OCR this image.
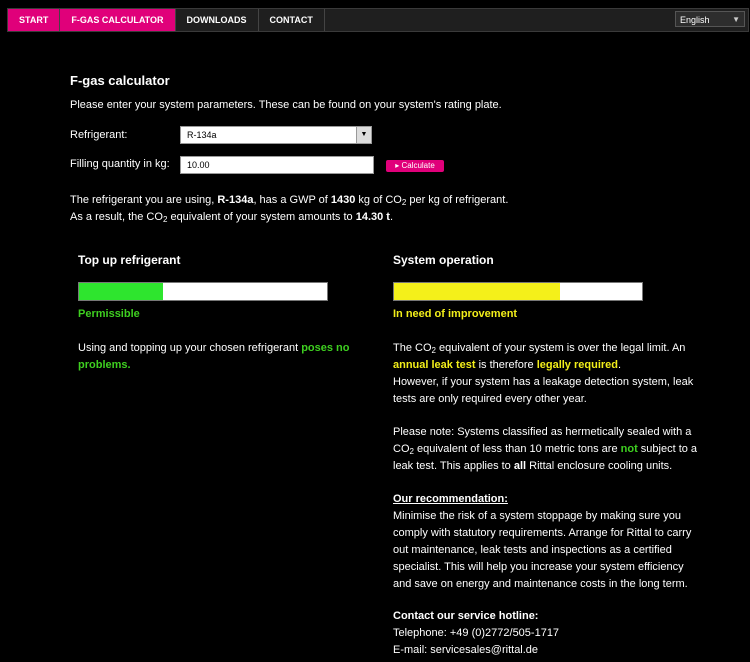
START	F-GAS CALCULATOR	DOWNLOADS	CONTACT	English	▼
F-gas calculator
Please enter your system parameters. These can be found on your system's rating plate.
Refrigerant:	R-134a	▼
Filling quantity in kg:	10.00	▸ Calculate
The refrigerant you are using, R-134a, has a GWP of 1430 kg of $CO_2$ per kg of refrigerant.
As a result, the $CO_2$ equivalent of your system amounts to 14.30 t.
Top up refrigerant
Permissible
Using and topping up your chosen refrigerant poses no
problems.
System operation
In need of improvement
The $CO_2$ equivalent of your system is over the legal limit. An
annual leak test is therefore legally required.
However, if your system has a leakage detection system, leak
tests are only required every other year.
Please note: Systems classified as hermetically sealed with a
$CO_2$ equivalent of less than 10 metric tons are not subject to a
leak test. This applies to all Rittal enclosure cooling units.
Our recommendation:
Minimise the risk of a system stoppage by making sure you
comply with statutory requirements. Arrange for Rittal to carry
out maintenance, leak tests and inspections as a certified
specialist. This will help you increase your system efficiency
and save on energy and maintenance costs in the long term.
Contact our service hotline:
Telephone: +49 (0)2772/505-1717
E-mail: servicesales@rittal.de
